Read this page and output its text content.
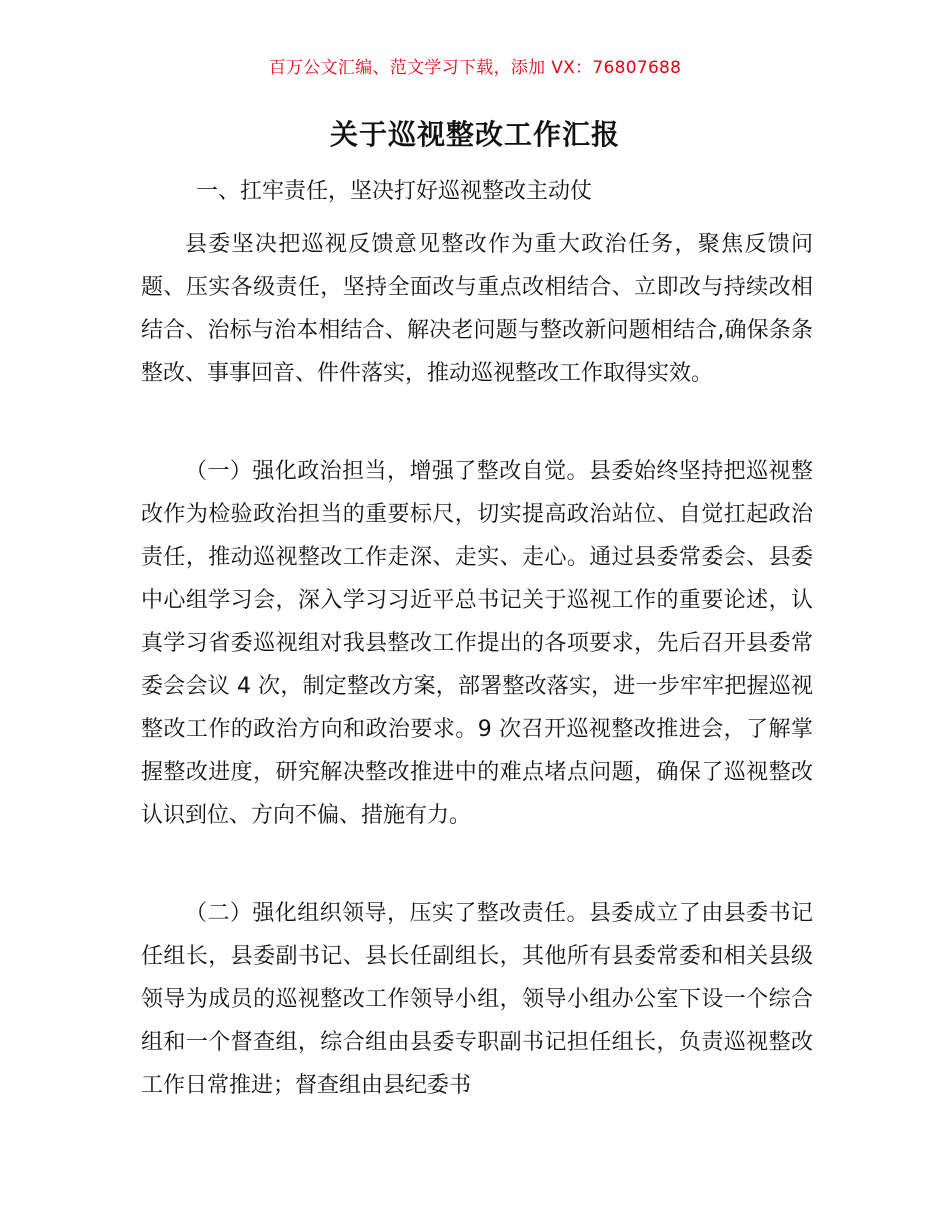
百万公文汇编、范文学习下载，添加 VX：76807688
关于巡视整改工作汇报
一、扛牢责任，坚决打好巡视整改主动仗

县委坚决把巡视反馈意见整改作为重大政治任务，聚焦反馈问题、压实各级责任，坚持全面改与重点改相结合、立即改与持续改相结合、治标与治本相结合、解决老问题与整改新问题相结合,确保条条整改、事事回音、件件落实，推动巡视整改工作取得实效。

（一）强化政治担当，增强了整改自觉。县委始终坚持把巡视整改作为检验政治担当的重要标尺，切实提高政治站位、自觉扛起政治责任，推动巡视整改工作走深、走实、走心。通过县委常委会、县委中心组学习会，深入学习习近平总书记关于巡视工作的重要论述，认真学习省委巡视组对我县整改工作提出的各项要求，先后召开县委常委会会议 4 次，制定整改方案，部署整改落实，进一步牢牢把握巡视整改工作的政治方向和政治要求。9 次召开巡视整改推进会，了解掌握整改进度，研究解决整改推进中的难点堵点问题，确保了巡视整改认识到位、方向不偏、措施有力。

（二）强化组织领导，压实了整改责任。县委成立了由县委书记任组长，县委副书记、县长任副组长，其他所有县委常委和相关县级领导为成员的巡视整改工作领导小组，领导小组办公室下设一个综合组和一个督查组，综合组由县委专职副书记担任组长，负责巡视整改工作日常推进；督查组由县纪委书
